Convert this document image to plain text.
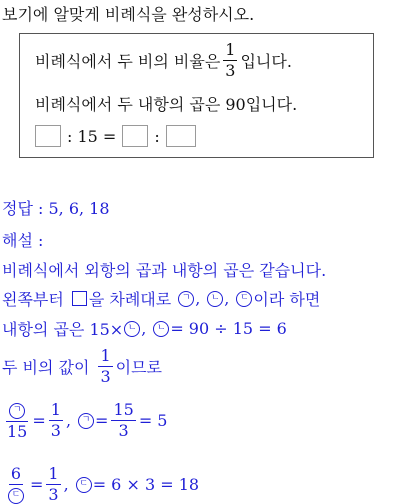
보기에 알맞게 비례식을 완성하시오.
비례식에서 두 비의 비율은 $\frac{1}{3}$ 입니다.
비례식에서 두 내항의 곱은 90입니다.
: 15 = :
정답 : 5, 6, 18
해설 :
비례식에서 외항의 곱과 내항의 곱은 같습니다.
왼쪽부터 을 차례대로	ㄱ ,	ㄴ ,	ㄷ 이라 하면
내항의 곱은 15× ㄴ ,	ㄴ = 90 ÷ 15 = 6
두 비의 값이 $\frac{1}{3}$ 이므로
$\frac{\text{ㄱ}}{15} = \frac{1}{3}$ ,	ㄱ = $\frac{15}{3} = 5$
$\frac{6}{\text{ㄷ}} = \frac{1}{3}$ ,	ㄷ = 6 × 3 = 18
